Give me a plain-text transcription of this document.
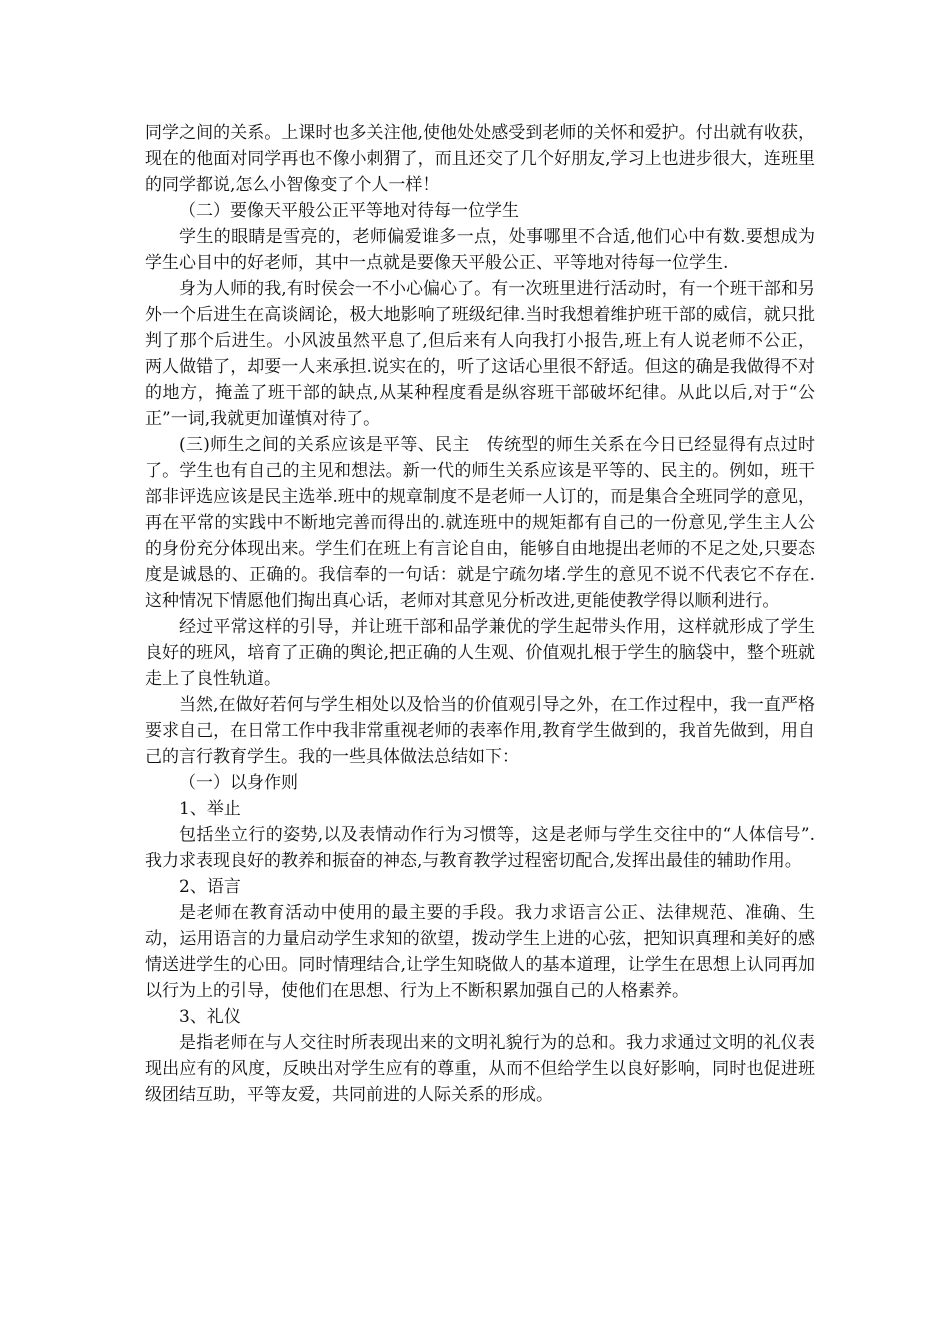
同学之间的关系。上课时也多关注他,使他处处感受到老师的关怀和爱护。付出就有收获，现在的他面对同学再也不像小刺猬了，而且还交了几个好朋友,学习上也进步很大，连班里的同学都说,怎么小智像变了个人一样！

（二）要像天平般公正平等地对待每一位学生

学生的眼睛是雪亮的，老师偏爱谁多一点，处事哪里不合适,他们心中有数.要想成为学生心目中的好老师，其中一点就是要像天平般公正、平等地对待每一位学生.

身为人师的我,有时侯会一不小心偏心了。有一次班里进行活动时，有一个班干部和另外一个后进生在高谈阔论，极大地影响了班级纪律.当时我想着维护班干部的威信，就只批判了那个后进生。小风波虽然平息了,但后来有人向我打小报告,班上有人说老师不公正，两人做错了，却要一人来承担.说实在的，听了这话心里很不舒适。但这的确是我做得不对的地方，掩盖了班干部的缺点,从某种程度看是纵容班干部破坏纪律。从此以后,对于“公正”一词,我就更加谨慎对待了。

(三)师生之间的关系应该是平等、民主　传统型的师生关系在今日已经显得有点过时了。学生也有自己的主见和想法。新一代的师生关系应该是平等的、民主的。例如，班干部非评选应该是民主选举.班中的规章制度不是老师一人订的，而是集合全班同学的意见，再在平常的实践中不断地完善而得出的.就连班中的规矩都有自己的一份意见,学生主人公的身份充分体现出来。学生们在班上有言论自由，能够自由地提出老师的不足之处,只要态度是诚恳的、正确的。我信奉的一句话：就是宁疏勿堵.学生的意见不说不代表它不存在.这种情况下情愿他们掏出真心话，老师对其意见分析改进,更能使教学得以顺利进行。

经过平常这样的引导，并让班干部和品学兼优的学生起带头作用，这样就形成了学生良好的班风，培育了正确的舆论,把正确的人生观、价值观扎根于学生的脑袋中，整个班就走上了良性轨道。

当然,在做好若何与学生相处以及恰当的价值观引导之外，在工作过程中，我一直严格要求自己，在日常工作中我非常重视老师的表率作用,教育学生做到的，我首先做到，用自己的言行教育学生。我的一些具体做法总结如下：

（一）以身作则

1、举止

包括坐立行的姿势,以及表情动作行为习惯等，这是老师与学生交往中的“人体信号”.我力求表现良好的教养和振奋的神态,与教育教学过程密切配合,发挥出最佳的辅助作用。

2、语言

是老师在教育活动中使用的最主要的手段。我力求语言公正、法律规范、准确、生动，运用语言的力量启动学生求知的欲望，拨动学生上进的心弦，把知识真理和美好的感情送进学生的心田。同时情理结合,让学生知晓做人的基本道理，让学生在思想上认同再加以行为上的引导，使他们在思想、行为上不断积累加强自己的人格素养。

3、礼仪

是指老师在与人交往时所表现出来的文明礼貌行为的总和。我力求通过文明的礼仪表现出应有的风度，反映出对学生应有的尊重，从而不但给学生以良好影响，同时也促进班级团结互助，平等友爱，共同前进的人际关系的形成。
